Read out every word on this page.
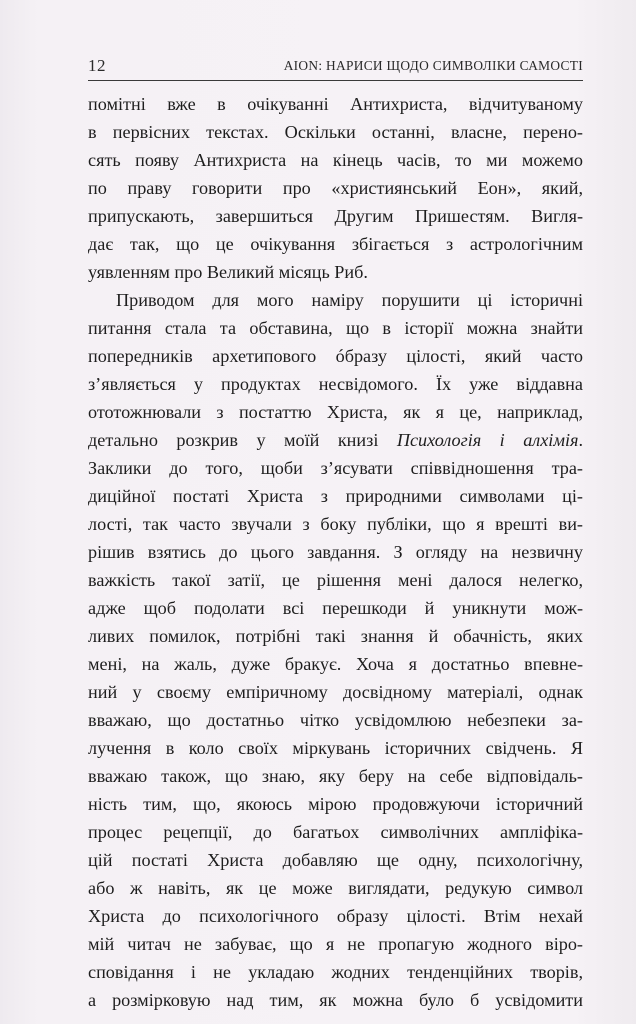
12	AION: НАРИСИ ЩОДО СИМВОЛІКИ САМОСТІ
помітні вже в очікуванні Антихриста, відчитуваному
в первісних текстах. Оскільки останні, власне, перено-
сять появу Антихриста на кінець часів, то ми можемо
по праву говорити про «християнський Еон», який,
припускають, завершиться Другим Пришестям. Вигля-
дає так, що це очікування збігається з астрологічним
уявленням про Великий місяць Риб.
Приводом для мого наміру порушити ці історичні
питання стала та обставина, що в історії можна знайти
попередників архетипового óбразу цілості, який часто
з’являється у продуктах несвідомого. Їх уже віддавна
ототожнювали з постаттю Христа, як я це, наприклад,
детально розкрив у моїй книзі Психологія і алхімія.
Заклики до того, щоби з’ясувати співвідношення тра-
диційної постаті Христа з природними символами ці-
лості, так часто звучали з боку публіки, що я врешті ви-
рішив взятись до цього завдання. З огляду на незвичну
важкість такої затії, це рішення мені далося нелегко,
адже щоб подолати всі перешкоди й уникнути мож-
ливих помилок, потрібні такі знання й обачність, яких
мені, на жаль, дуже бракує. Хоча я достатньо впевне-
ний у своєму емпіричному досвідному матеріалі, однак
вважаю, що достатньо чітко усвідомлюю небезпеки за-
лучення в коло своїх міркувань історичних свідчень. Я
вважаю також, що знаю, яку беру на себе відповідаль-
ність тим, що, якоюсь мірою продовжуючи історичний
процес рецепції, до багатьох символічних ампліфіка-
цій постаті Христа добавляю ще одну, психологічну,
або ж навіть, як це може виглядати, редукую символ
Христа до психологічного образу цілості. Втім нехай
мій читач не забуває, що я не пропагую жодного віро-
сповідання і не укладаю жодних тенденційних творів,
а розмірковую над тим, як можна було б усвідомити
